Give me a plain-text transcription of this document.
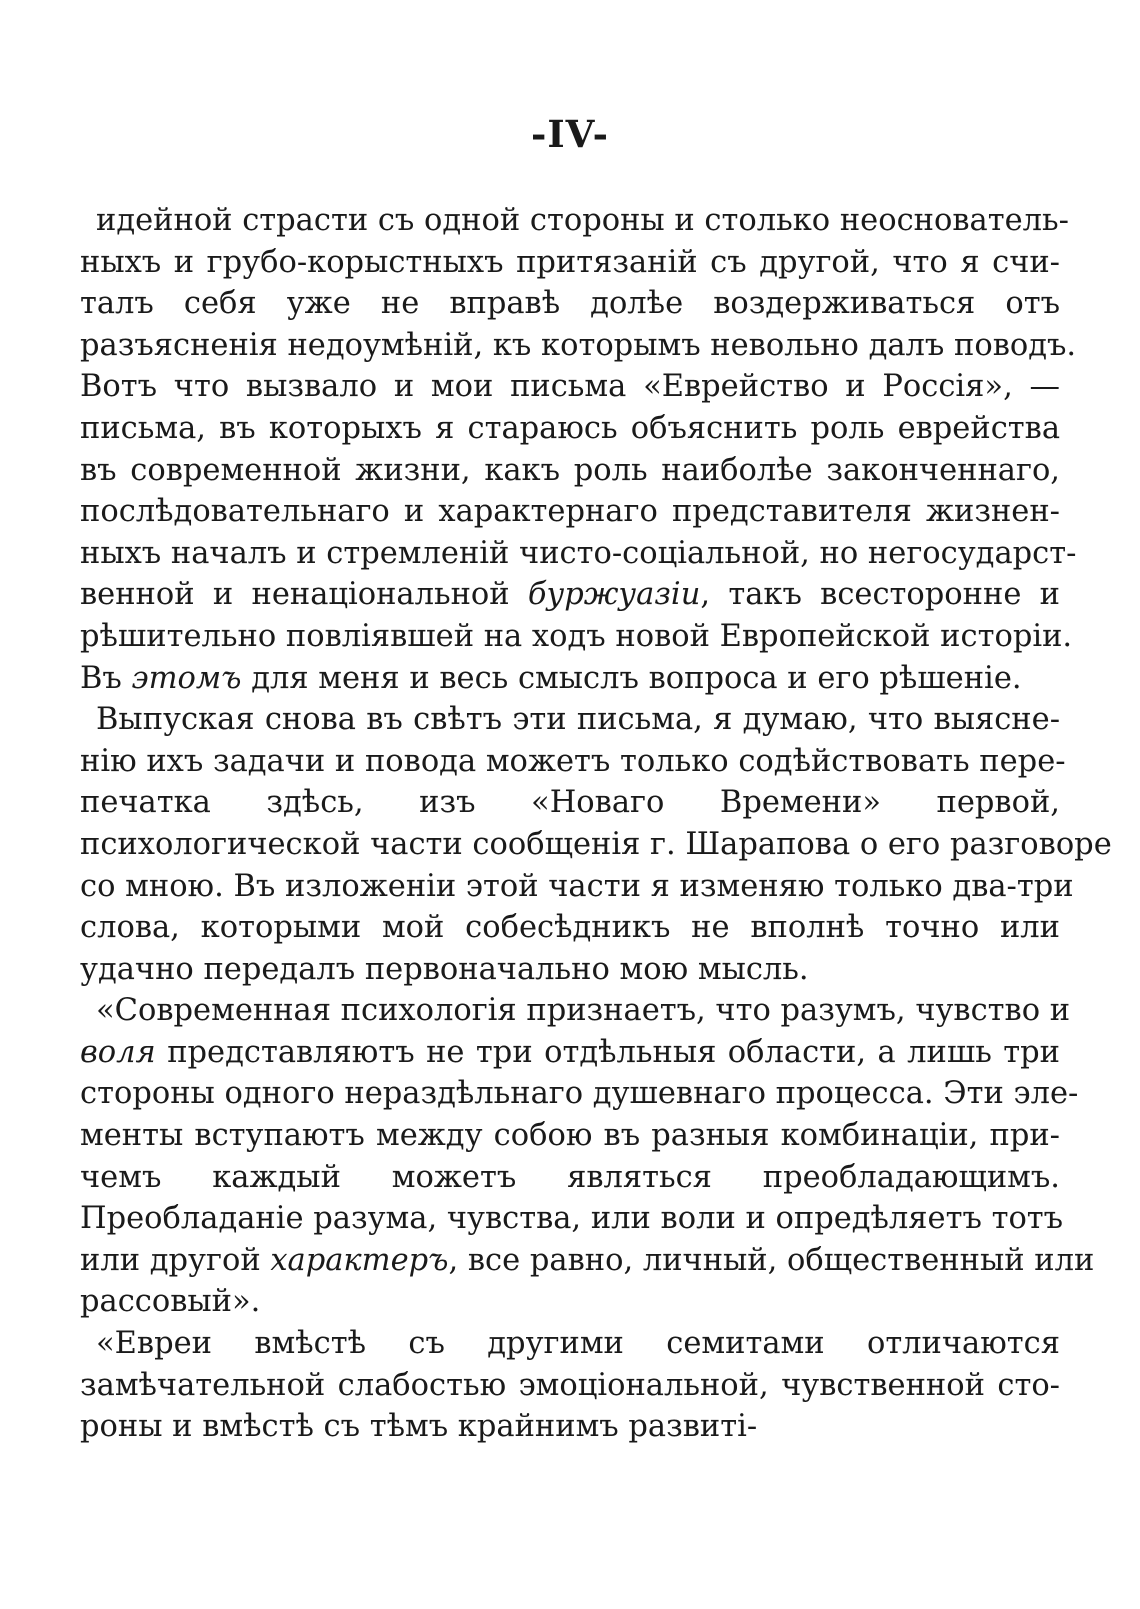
-IV-
идейной страсти съ одной стороны и столько неоснователь-
ныхъ и грубо-корыстныхъ притязаній съ другой, что я счи-
талъ себя уже не вправѣ долѣе воздерживаться отъ
разъясненія недоумѣній, къ которымъ невольно далъ поводъ.
Вотъ что вызвало и мои письма «Еврейство и Россія», —
письма, въ которыхъ я стараюсь объяснить роль еврейства
въ современной жизни, какъ роль наиболѣе законченнаго,
послѣдовательнаго и характернаго представителя жизнен-
ныхъ началъ и стремленій чисто-соціальной, но негосударст-
венной и ненаціональной буржуазіи, такъ всесторонне и
рѣшительно повліявшей на ходъ новой Европейской исторіи.
Въ этомъ для меня и весь смыслъ вопроса и его рѣшеніе.
Выпуская снова въ свѣтъ эти письма, я думаю, что выясне-
нію ихъ задачи и повода можетъ только содѣйствовать пере-
печатка здѣсь, изъ «Новаго Времени» первой,
психологической части сообщенія г. Шарапова о его разговоре
со мною. Въ изложеніи этой части я изменяю только два-три
слова, которыми мой собесѣдникъ не вполнѣ точно или
удачно передалъ первоначально мою мысль.
«Современная психологія признаетъ, что разумъ, чувство и
воля представляютъ не три отдѣльныя области, а лишь три
стороны одного нераздѣльнаго душевнаго процесса. Эти эле-
менты вступаютъ между собою въ разныя комбинаціи, при-
чемъ каждый можетъ являться преобладающимъ.
Преобладаніе разума, чувства, или воли и опредѣляетъ тотъ
или другой характеръ, все равно, личный, общественный или
рассовый».
«Евреи вмѣстѣ съ другими семитами отличаются
замѣчательной слабостью эмоціональной, чувственной сто-
роны и вмѣстѣ съ тѣмъ крайнимъ развиті-
